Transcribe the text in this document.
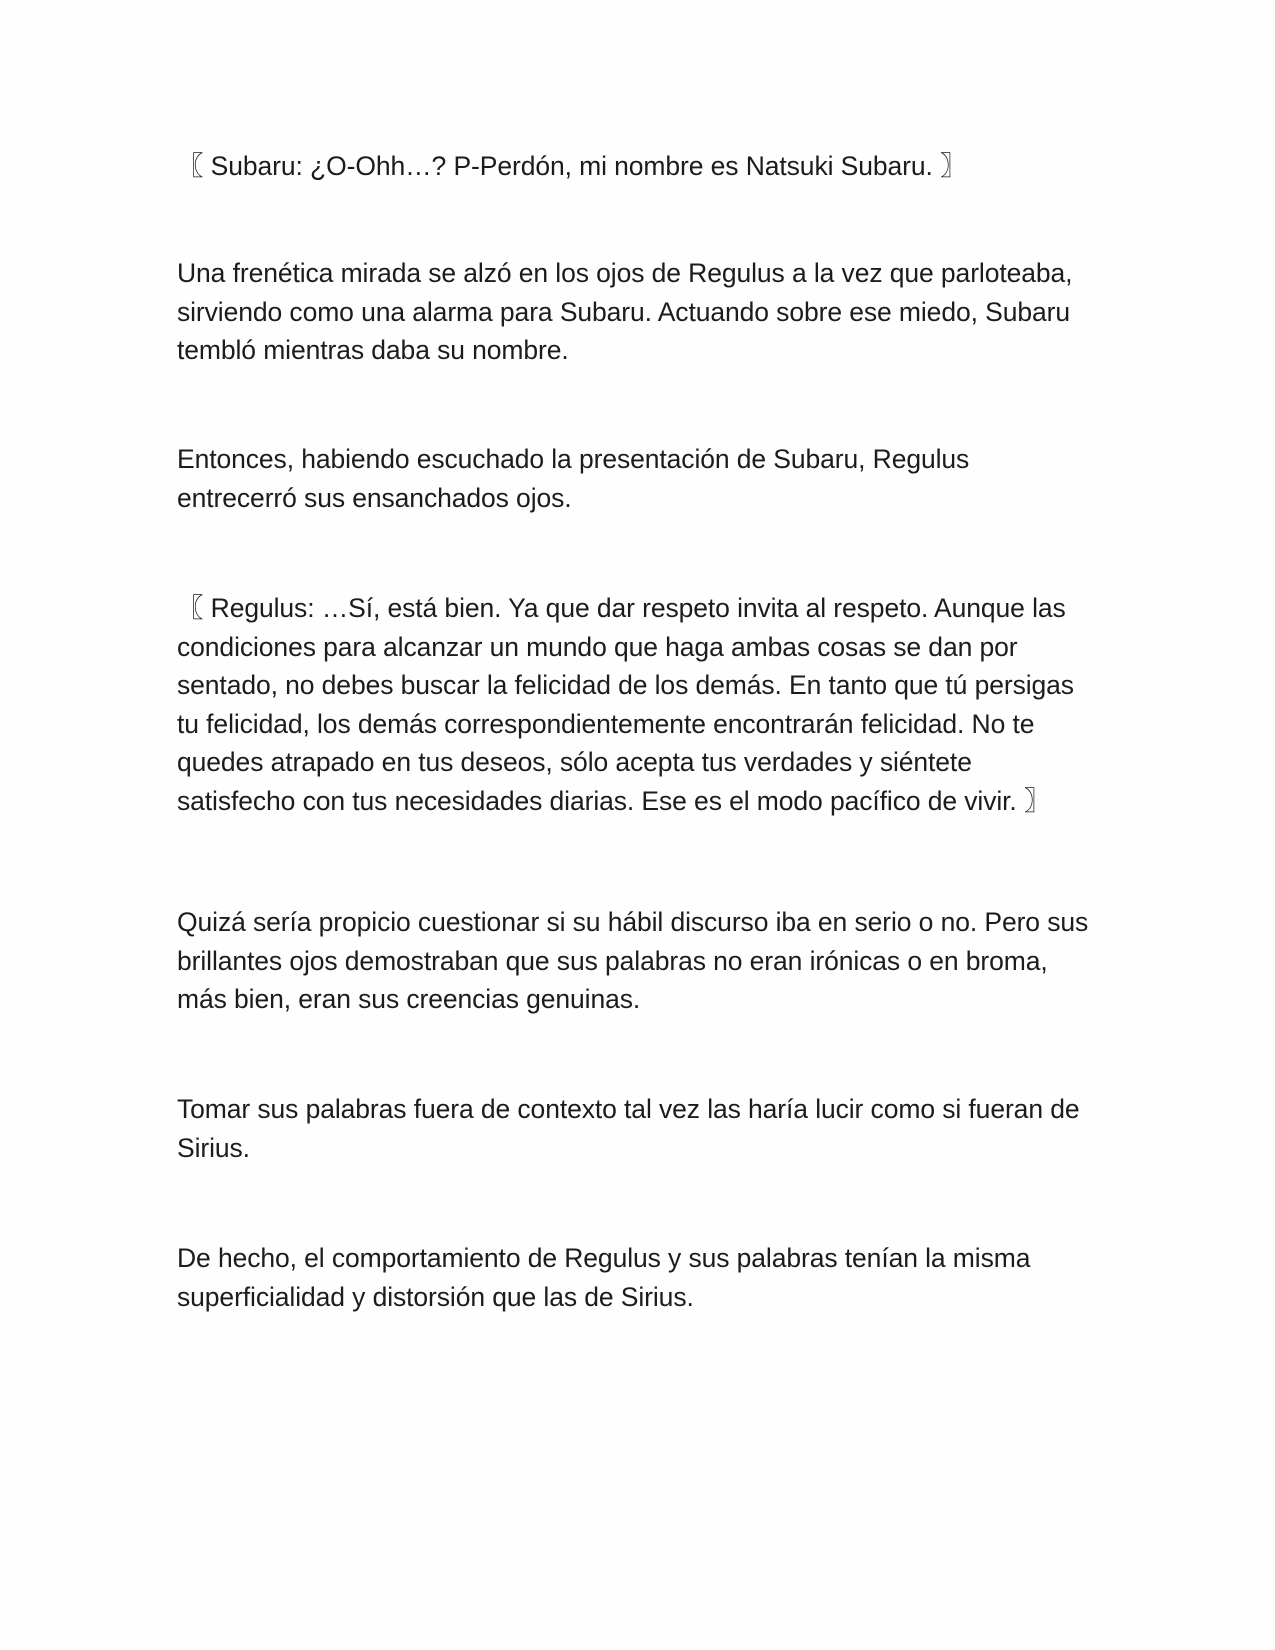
〖 Subaru: ¿O-Ohh…? P-Perdón, mi nombre es Natsuki Subaru. 〗

Una frenética mirada se alzó en los ojos de Regulus a la vez que parloteaba,
sirviendo como una alarma para Subaru. Actuando sobre ese miedo, Subaru
tembló mientras daba su nombre.

Entonces, habiendo escuchado la presentación de Subaru, Regulus
entrecerró sus ensanchados ojos.

〖 Regulus: …Sí, está bien. Ya que dar respeto invita al respeto. Aunque las
condiciones para alcanzar un mundo que haga ambas cosas se dan por
sentado, no debes buscar la felicidad de los demás. En tanto que tú persigas
tu felicidad, los demás correspondientemente encontrarán felicidad. No te
quedes atrapado en tus deseos, sólo acepta tus verdades y siéntete
satisfecho con tus necesidades diarias. Ese es el modo pacífico de vivir. 〗

Quizá sería propicio cuestionar si su hábil discurso iba en serio o no. Pero sus
brillantes ojos demostraban que sus palabras no eran irónicas o en broma,
más bien, eran sus creencias genuinas.

Tomar sus palabras fuera de contexto tal vez las haría lucir como si fueran de
Sirius.

De hecho, el comportamiento de Regulus y sus palabras tenían la misma
superficialidad y distorsión que las de Sirius.
